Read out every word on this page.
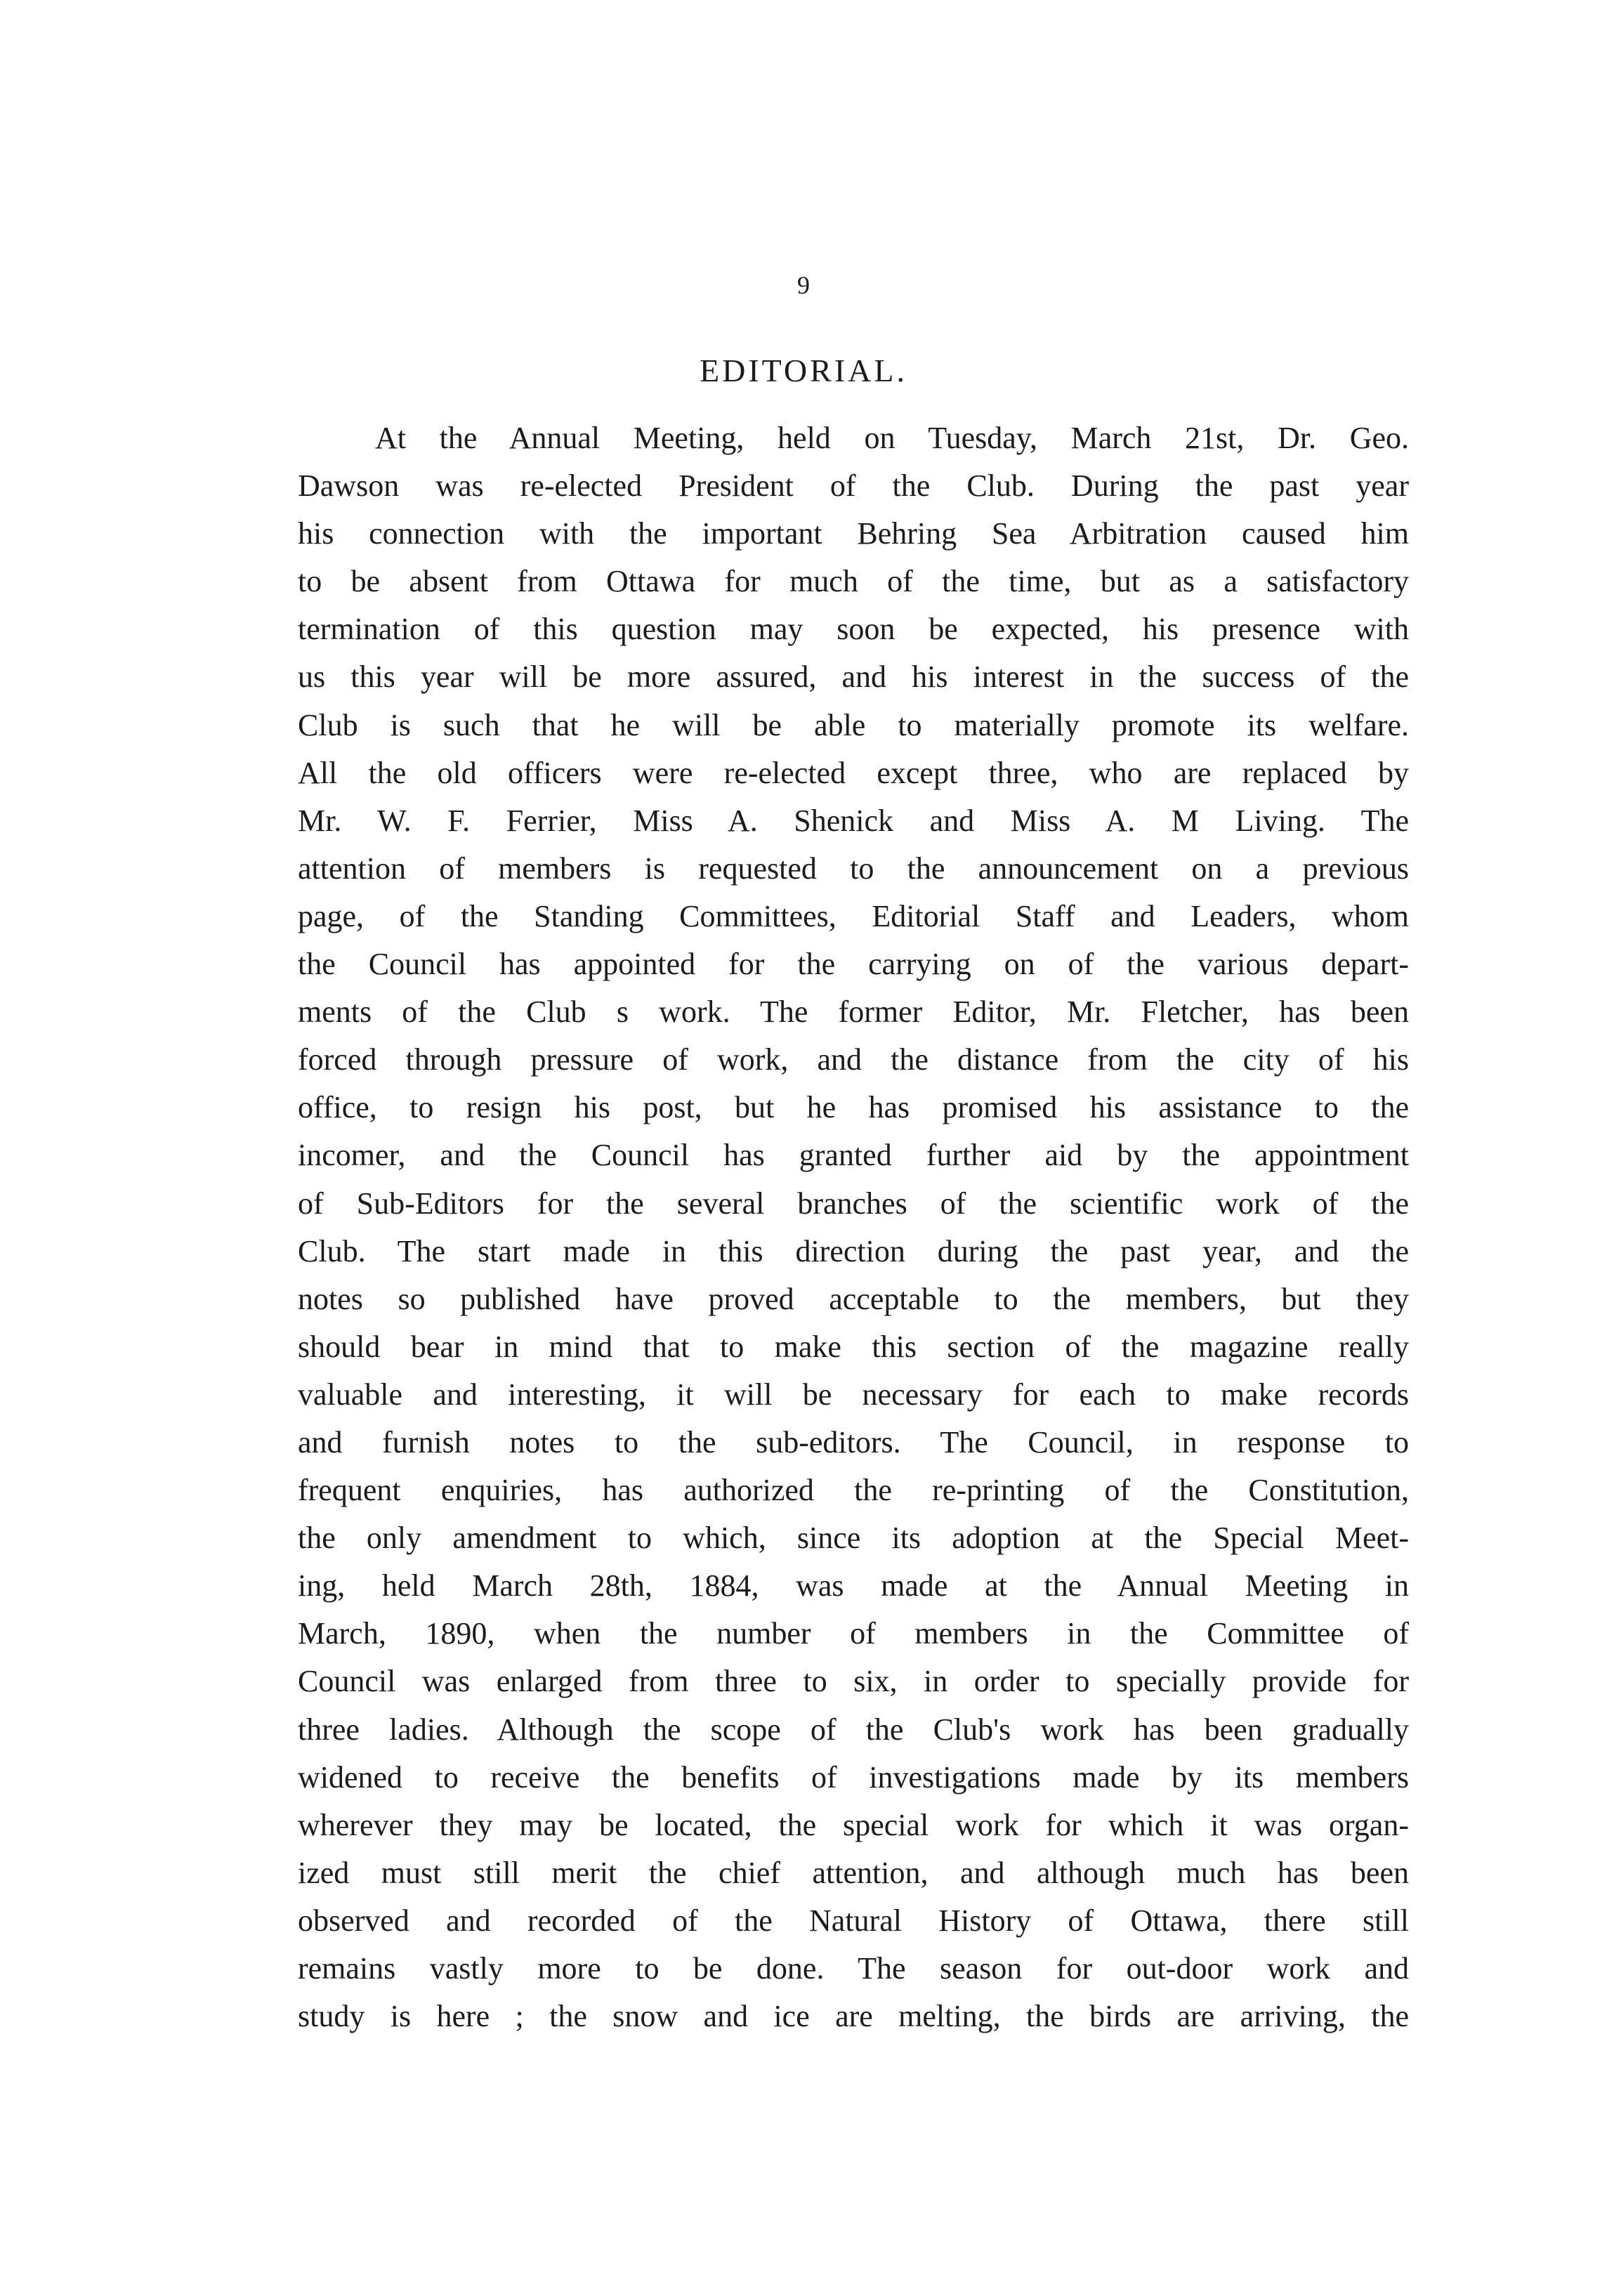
9
EDITORIAL.
At the Annual Meeting, held on Tuesday, March 21st, Dr. Geo.
Dawson was re-elected President of the Club. During the past year
his connection with the important Behring Sea Arbitration caused him
to be absent from Ottawa for much of the time, but as a satisfactory
termination of this question may soon be expected, his presence with
us this year will be more assured, and his interest in the success of the
Club is such that he will be able to materially promote its welfare.
All the old officers were re-elected except three, who are replaced by
Mr. W. F. Ferrier, Miss A. Shenick and Miss A. M Living. The
attention of members is requested to the announcement on a previous
page, of the Standing Committees, Editorial Staff and Leaders, whom
the Council has appointed for the carrying on of the various depart-
ments of the Club s work. The former Editor, Mr. Fletcher, has been
forced through pressure of work, and the distance from the city of his
office, to resign his post, but he has promised his assistance to the
incomer, and the Council has granted further aid by the appointment
of Sub-Editors for the several branches of the scientific work of the
Club. The start made in this direction during the past year, and the
notes so published have proved acceptable to the members, but they
should bear in mind that to make this section of the magazine really
valuable and interesting, it will be necessary for each to make records
and furnish notes to the sub-editors. The Council, in response to
frequent enquiries, has authorized the re-printing of the Constitution,
the only amendment to which, since its adoption at the Special Meet-
ing, held March 28th, 1884, was made at the Annual Meeting in
March, 1890, when the number of members in the Committee of
Council was enlarged from three to six, in order to specially provide for
three ladies. Although the scope of the Club's work has been gradually
widened to receive the benefits of investigations made by its members
wherever they may be located, the special work for which it was organ-
ized must still merit the chief attention, and although much has been
observed and recorded of the Natural History of Ottawa, there still
remains vastly more to be done. The season for out-door work and
study is here ; the snow and ice are melting, the birds are arriving, the
